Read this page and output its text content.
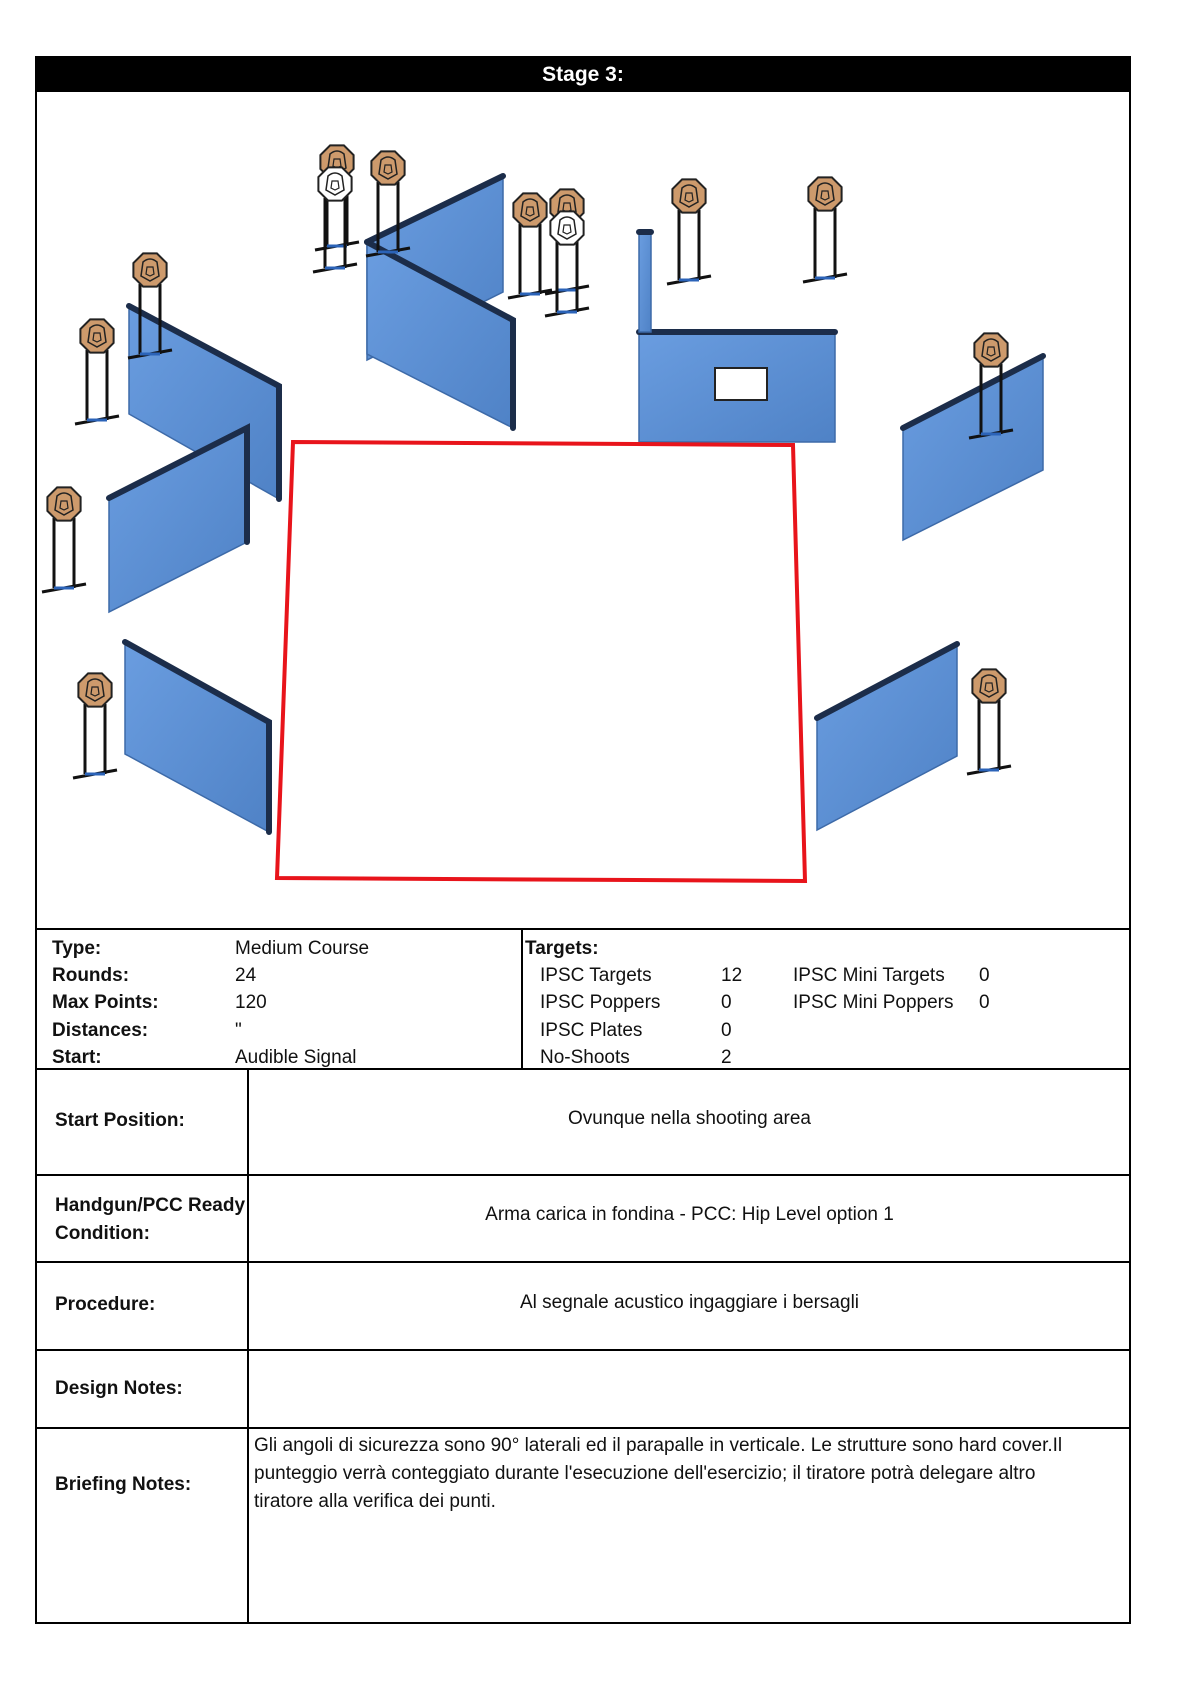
Stage 3:
Type:	Medium Course
Rounds:	24
Max Points:	120
Distances:	"
Start:	Audible Signal
Targets:
IPSC Targets	12
IPSC Poppers	0
IPSC Plates	0
No-Shoots	2
IPSC Mini Targets 0
IPSC Mini Poppers 0
Start Position:	Ovunque nella shooting area
Handgun/PCC Ready
Condition:
Arma carica in fondina - PCC: Hip Level option 1
Procedure:	Al segnale acustico ingaggiare i bersagli
Design Notes:
Briefing Notes:
Gli angoli di sicurezza sono 90° laterali ed il parapalle in verticale. Le strutture sono hard cover.Il
punteggio verrà conteggiato durante l'esecuzione dell'esercizio; il tiratore potrà delegare altro
tiratore alla verifica dei punti.
